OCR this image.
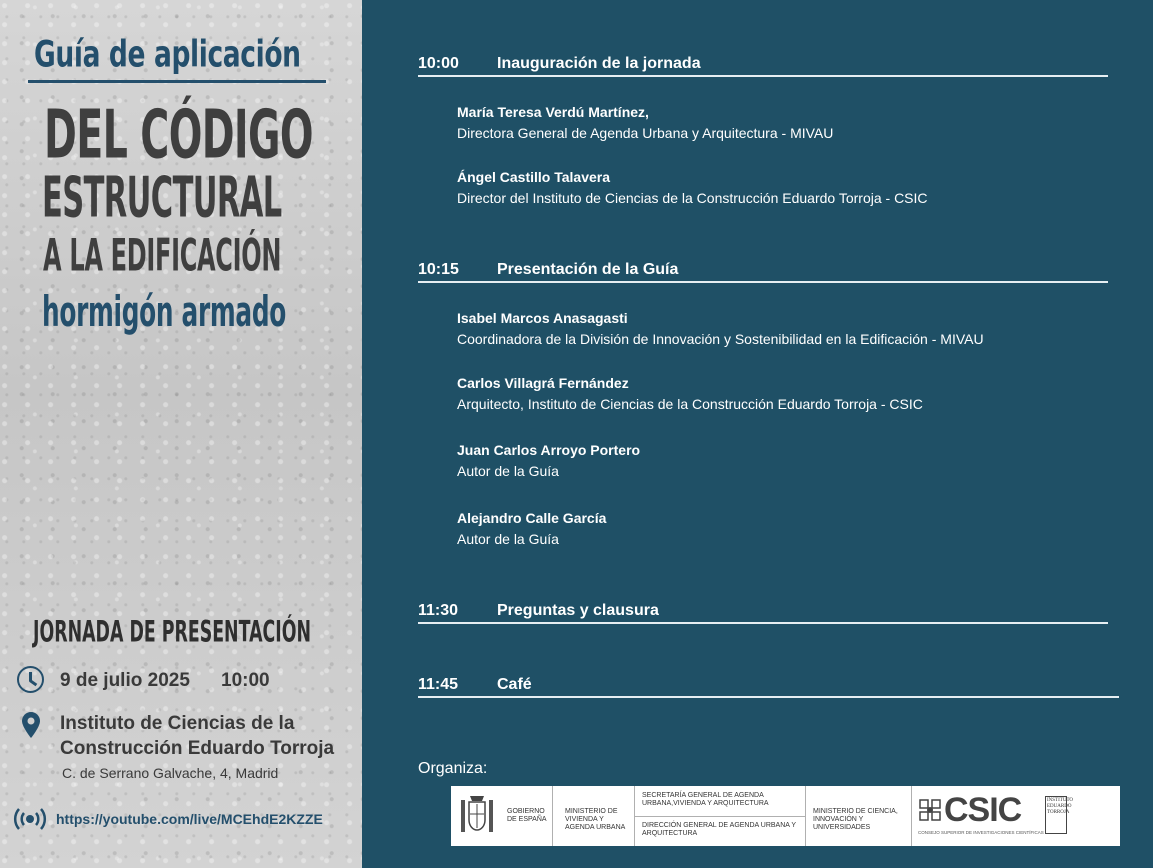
Guía de aplicación
DEL CÓDIGO
ESTRUCTURAL
A LA EDIFICACIÓN
hormigón armado
JORNADA DE PRESENTACIÓN
9 de julio 2025 10:00
Instituto de Ciencias de la Construcción Eduardo Torroja
C. de Serrano Galvache, 4, Madrid
https://youtube.com/live/MCEhdE2KZZE
10:00 Inauguración de la jornada
María Teresa Verdú Martínez,
Directora General de Agenda Urbana y Arquitectura - MIVAU
Ángel Castillo Talavera
Director del Instituto de Ciencias de la Construcción Eduardo Torroja - CSIC
10:15 Presentación de la Guía
Isabel Marcos Anasagasti
Coordinadora de la División de Innovación y Sostenibilidad en la Edificación - MIVAU
Carlos Villagrá Fernández
Arquitecto, Instituto de Ciencias de la Construcción Eduardo Torroja - CSIC
Juan Carlos Arroyo Portero
Autor de la Guía
Alejandro Calle García
Autor de la Guía
11:30 Preguntas y clausura
11:45 Café
Organiza:
GOBIERNO DE ESPAÑA
MINISTERIO DE VIVIENDA Y AGENDA URBANA
SECRETARÍA GENERAL DE AGENDA URBANA,VIVIENDA Y ARQUITECTURA
DIRECCIÓN GENERAL DE AGENDA URBANA Y ARQUITECTURA
MINISTERIO DE CIENCIA, INNOVACIÓN Y UNIVERSIDADES	CSIC
CONSEJO SUPERIOR DE INVESTIGACIONES CIENTÍFICAS
INSTITUTO EDUARDO TORROJA
